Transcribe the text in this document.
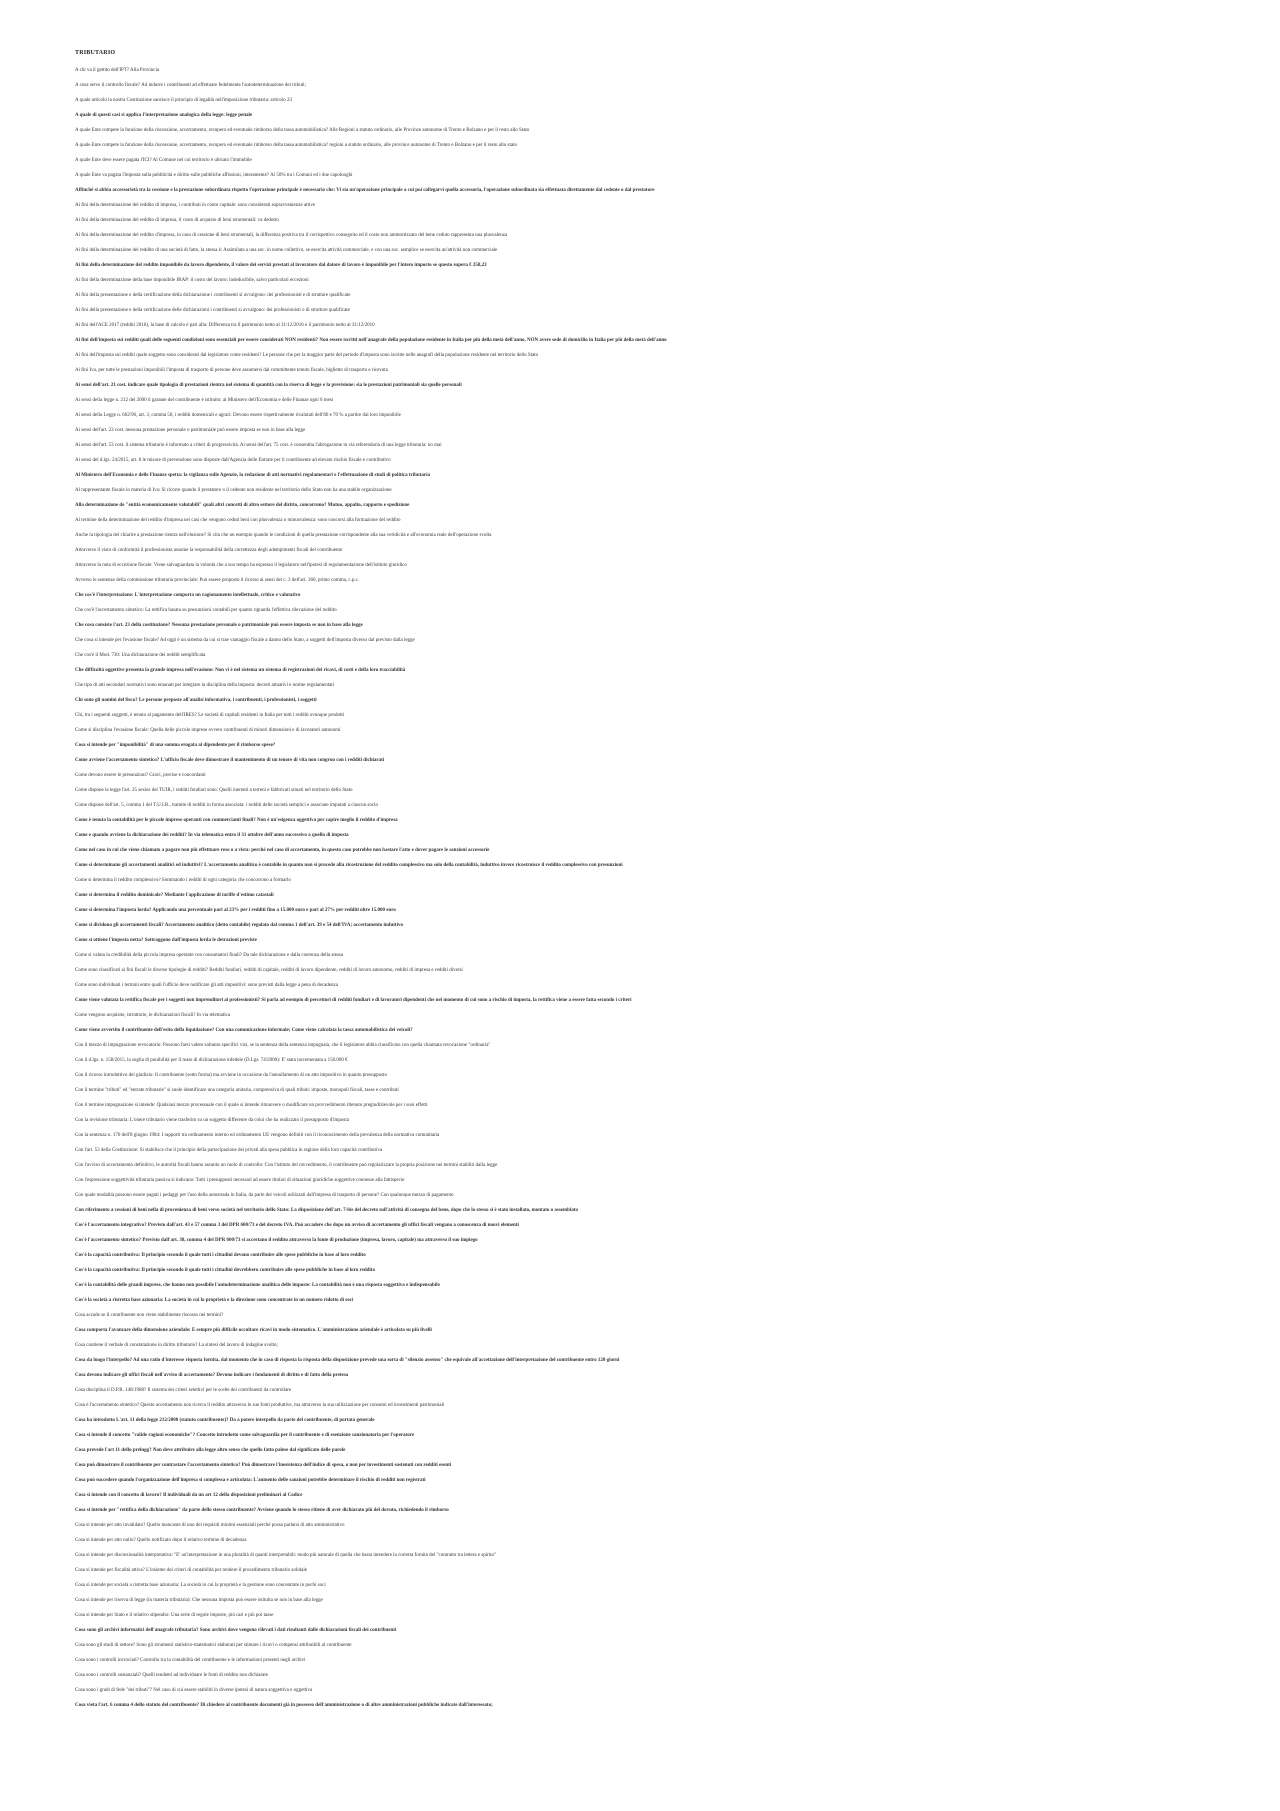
TRIBUTARIO
A chi va il gettito dell'IPT? Alla Provincia
A cosa serve il controllo fiscale? Ad indurre i contribuenti ad effettuare fedelmente l'autodeterminazione dei tributi;
A quale articolo la nostra Costituzione sancisce il principio di legalità nell'imposizione tributaria: articolo 23
A quale di questi casi si applica l'interpretazione analogica della legge: legge penale
A quale Ente compete la funzione della riscossione, accertamento, recupero ed eventuale rimborso della tassa automobilistica? Alle Regioni a statuto ordinario, alle Province autonome di Trento e Bolzano e per il resto allo Stato
A quale Ente compete la funzione della riscossione, accertamento, recupero ed eventuale rimborso della tassa automobilistica? regioni a statuto ordinario, alle province autonome di Trento e Bolzano e per il resto allo stato
A quale Ente deve essere pagata l'ICI? Al Comune nel cui territorio è ubicato l'immobile
A quale Ente va pagata l'imposta sulla pubblicità e diritto sulle pubbliche affissioni, interamente? Al 50% tra i Comuni ed i due capoluoghi
Affinché si abbia accessorietà tra la cessione e la prestazione subordinata rispetto l'operazione principale è necessario che: Vi sia un'operazione principale a cui poi collegarvi quella accessoria, l'operazione subordinata sia effettuata direttamente dal cedente o dal prestatore
Ai fini della determinazione del reddito di impresa, i contributi in conto capitale: sono considerati sopravvenienze attive
Ai fini della determinazione del reddito di impresa, il costo di acquisto di beni strumentali: va dedotto
Ai fini della determinazione del reddito d'impresa, in caso di cessione di beni strumentali, la differenza positiva tra il corrispettivo conseguito ed il costo non ammortizzato del bene ceduto rappresenta una plusvalenza
Ai fini della determinazione del reddito di una società di fatto, la stessa è: Assimilata a una soc. in nome collettivo, se esercita attività commerciale, e con una soc. semplice se esercita un'attività non commerciale
Ai fini della determinazione del reddito imponibile da lavoro dipendente, il valore dei servizi prestati al lavoratore dal datore di lavoro è imponibile per l'intero importo se questo supera € 258,23
Ai fini della determinazione della base imponibile IRAP: il costo del lavoro: indeducibile, salvo particolari eccezioni
Ai fini della presentazione e della certificazione della dichiarazione i contribuenti si avvalgono: dei professionisti e di strutture qualificate
Ai fini della presentazione e della certificazione delle dichiarazioni i contribuenti si avvalgono: dei professionisti o di strutture qualificate
Ai fini dell'ACE 2017 (redditi 2016), la base di calcolo è pari alla: Differenza tra il patrimonio netto al 31/12/2016 e il patrimonio netto al 31/12/2010
Ai fini dell'imposta sui redditi quali delle seguenti condizioni sono essenziali per essere considerati NON residenti? Non essere iscritti nell'anagrafe della popolazione residente in Italia per più della metà dell'anno, NON avere sede di domicilio in Italia per più della metà dell'anno
Ai fini dell'imposta sui redditi quale soggetto sono considerati dal legislatore come residenti? Le persone che per la maggior parte del periodo d'imposta sono iscritte nelle anagrafi della popolazione residente nel territorio dello Stato
Ai fini Iva, per tutte le prestazioni imponibili l'imposta di trasporto di persone deve assumersi dal committente tenuto fiscale, biglietto di trasporto e ricevuta
Ai sensi dell'art. 21 cost. indicare quale tipologia di prestazioni rientra nel sistema di quantità con la riserva di legge e la previsione: sia le prestazioni patrimoniali sia quelle personali
Ai sensi della legge n. 212 del 2000 il garante del contribuente è istituito: al Ministero dell'Economia e delle Finanze ogni 6 mesi
Ai sensi della Legge n. 662/96, art. 3, comma 50, i redditi domenicali e agrari: Devono essere rispettivamente rivalutati dell'80 e 70 % a partire dal loro imponibile
Ai sensi dell'art. 23 cost. nessuna prestazione personale o patrimoniale può essere imposta se non in base alla legge
Ai sensi dell'art. 53 cost. il sistema tributario è informato a criteri di progressività. Ai sensi dell'art. 75 cost. è consentita l'abrogazione in via referendaria di una legge tributaria: no mai
Ai sensi del d.lgs. 24/2015, art. 8 le misure di prevenzione sono disposte dall'Agenzia delle Entrate per il contribuente ad elevato rischio fiscale e contributivo
Al Ministero dell'Economia e delle Finanze spetta: la vigilanza sulle Agenzie, la redazione di atti normativi regolamentari e l'effettuazione di studi di politica tributaria
Al rappresentante fiscale in materia di Iva: Si ricorre quando il prestatore o il cedente non residente nel territorio dello Stato non ha una stabile organizzazione
Alla determinazione de "entità economicamente valutabili" quali altri concetti di altro settore del diritto, concorrono? Mutuo, appalto, rapporto e spedizione
Al termine della determinazione del reddito d'impresa nei casi che vengono ceduti beni con plusvalenza o minusvalenza: sono concorsi alla formazione del reddito
Anche la tipologia del chiarire a prestazione rientra nell'elusione? Si cita che un esempio quando le condizioni di quella prestazione corrispondente alla sua veridicità e all'economia reale dell'operazione svolta
Attraverso il visto di conformità il professionista assume la responsabilità della correttezza degli adempimenti fiscali del contribuente
Attraverso la nota di eccezione fiscale: Viene salvaguardata la volontà che a suo tempo ha espresso il legislatore nell'ipotesi di regolamentazione dell'istituto giuridico
Avverso le sentenze della commissione tributaria provinciale: Può essere proposto il ricorso ai sensi del c. 3 dell'art. 360, primo comma, c.p.c.
Che cos'è l'interpretazione: L'interpretazione comporta un ragionamento intellettuale, critico e valutativo
Che cos'è l'accertamento sintetico: La rettifica basata su presunzioni contabili per quanto riguarda l'effettiva rilevazione del reddito
Che cosa consiste l'art. 23 della costituzione? Nessuna prestazione personale o patrimoniale può essere imposta se non in base alla legge
Che cosa si intende per l'evasione fiscale? Ad oggi è un sistema da cui si trae vantaggio fiscale a danno dello Stato, a soggetti dell'imposta diverso dal previsto dalla legge
Che cos'è il Mod. 730: Una dichiarazione dei redditi semplificata
Che difficoltà oggettive presenta la grande impresa nell'evasione: Non vi è nel sistema un sistema di registrazioni dei ricavi, di costi e della loro tracciabilità
Che tipo di atti secondari normativi sono emanati per integrare la disciplina della imposta: decreti attuativi e norme regolamentari
Chi sono gli uomini del fisco? Le persone preposte all'analisi informativa, i contribuenti, i professionisti, i soggetti
Chi, tra i seguenti soggetti, è tenuto al pagamento dell'IRES? Le società di capitali residenti in Italia per tutti i redditi ovunque prodotti
Come si disciplina l'evasione fiscale: Quella delle piccole imprese ovvero contribuenti di minori dimensioni e di lavoratori autonomi
Cosa si intende per "imponibilità" di una somma erogata al dipendente per il rimborso spese?
Come avviene l'accertamento sintetico? L'ufficio fiscale deve dimostrare il mantenimento di un tenore di vita non congruo con i redditi dichiarati
Come devono essere le presunzioni? Gravi, precise e concordanti
Come dispone la legge l'art. 25 sexies del TUIR, i redditi fondiari sono: Quelli inerenti a terreni e fabbricati situati nel territorio dello Stato
Come dispone dell'art. 5, comma 1 del T.U.I.R., tramite di redditi in forma associata: i redditi delle società semplici e associate imputati a ciascun socio
Come è tenuta la contabilità per le piccole imprese operanti con commercianti finali? Non è un'esigenza oggettiva per capire meglio il reddito d'impresa
Come e quando avviene la dichiarazione dei redditi? In via telematica entro il 31 ottobre dell'anno successivo a quello di imposta
Come nel caso in cui che viene chiamato a pagare non più effettuare reso o a vista: perché nel caso di accertamento, in questo caso potrebbe non bastare l'atto e dover pagare le sanzioni accessorie
Come si determinano gli accertamenti analitici ed induttivi? L'accertamento analitico è contabile in quanto non si procede alla ricostruzione del reddito complessivo ma solo della contabilità, induttivo invece ricostruisce il reddito complessivo con presunzioni
Come si determina il reddito complessivo? Sommando i redditi di ogni categoria che concorrono a formarlo
Come si determina il reddito dominicale? Mediante l'applicazione di tariffe d'estimo catastali
Come si determina l'imposta lorda? Applicando una percentuale pari al 23% per i redditi fino a 15.000 euro e pari al 27% per redditi oltre 15.000 euro
Come si dividono gli accertamenti fiscali? Accertamento analitico (detto contabile) regolato dal comma 1 dell'art. 39 e 54 dell'IVA; accertamento induttivo
Come si ottiene l'imposta netta? Sottraggono dall'imposta lorda le detrazioni previste
Come si valuta la credibilità della piccola impresa operante con consumatori finali? Da tale dichiarazione e dalla coerenza della stessa
Come sono classificati ai fini fiscali le diverse tipologie di redditi? Redditi fondiari, redditi di capitale, redditi di lavoro dipendente, redditi di lavoro autonomo, redditi di impresa e redditi diversi
Come sono individuati i termini entro quali l'ufficio deve notificare gli atti impositivi: sono previsti dalla legge a pena di decadenza
Come viene valutata la rettifica fiscale per i soggetti non imprenditori ai professionisti? Si parla ad esempio di percettori di redditi fondiari e di lavoratori dipendenti che nel momento di cui sono a rischio di imposta, la rettifica viene a essere fatta secondo i criteri
Come vengono acquisite, istruttorie, le dichiarazioni fiscali? In via telematica
Come viene avvertito il contribuente dell'esito della liquidazione? Con una comunicazione informale; Come viene calcolata la tassa automobilistica dei veicoli?
Con il mezzo di impugnazione revocatorio: Possono farsi valere soltanto specifici vizi, se la sentenza della sentenza impugnata, che il legislatore abbia classificato con quella chiamata revocazione "ordinaria"
Con il d.lgs. n. 158/2015, la soglia di punibilità per il reato di dichiarazione infedele (D.Lgs. 74/2000): E' stata incrementata a 150.000 €
Con il ricorso introduttivo del giudizio: Il contribuente (sotto forma) ma avviene in occasione da l'annullamento di un atto impositivo in quanto presupposto
Con il termine "tributi" ed "entrate tributarie" si suole identificare una categoria unitaria, comprensiva di quali tributi: imposte, monopoli fiscali, tasse e contributi
Con il termine impugnazione si intende: Qualsiasi mezzo processuale con il quale si intende rimuovere o modificare un provvedimento ritenuto pregiudizievole per i suoi effetti
Con la revisione tributaria: L'onere tributario viene trasferito su un soggetto differente da colui che ha realizzato il presupposto d'imposta
Con la sentenza n. 170 dell'8 giugno 1984: I rapporti tra ordinamento interno ed ordinamento UE vengono definiti con il riconoscimento della prevalenza della normativa comunitaria
Con l'art. 53 della Costituzione: Si stabilisce che il principio della partecipazione dei privati alla spesa pubblica in ragione della loro capacità contributiva
Con l'avviso di accertamento definitivo, le autorità fiscali hanno assunto un ruolo di controllo: Con l'istituto del ravvedimento, il contribuente può regolarizzare la propria posizione nei termini stabiliti dalla legge
Con l'espressione soggettività tributaria passiva si indicano: Tutti i presupposti necessari ad essere titolari di situazioni giuridiche soggettive connesse alla fattispecie
Con quale modalità possono essere pagati i pedaggi per l'uso della autostrada in Italia, da parte dei veicoli utilizzati dall'impresa di trasporto di persone? Con qualunque mezzo di pagamento
Con riferimento a cessioni di beni nella di provenienza di beni verso società nel territorio dello Stato: La disposizione dell'art. 7-bis del decreto sull'attività di consegna del bene, dopo che lo stesso si è stato installato, montato o assemblato
Cos'è l'accertamento integrativo? Previsto dall'art. 43 e 57 comma 3 del DPR 600/73 e del decreto IVA. Può accadere che dopo un avviso di accertamento gli uffici fiscali vengano a conoscenza di nuovi elementi
Cos'è l'accertamento sintetico? Previsto dall'art. 38, comma 4 del DPR 600/73 si accertano il reddito attraverso la fonte di produzione (impresa, lavoro, capitale) ma attraverso il suo impiego
Cos'è la capacità contributiva: Il principio secondo il quale tutti i cittadini devono contribuire alle spese pubbliche in base al loro reddito
Cos'è la capacità contributiva: Il principio secondo il quale tutti i cittadini dovrebbero contribuire alle spese pubbliche in base al loro reddito
Cos'è la contabilità delle grandi imprese, che hanno non possibile l'autodeterminazione analitica delle imposte: La contabilità non è una risposta soggettiva e indispensabile
Cos'è la società a ristretta base azionaria: La società in cui la proprietà e la direzione sono concentrate in un numero ridotto di soci
Cosa accade se il contribuente non viene stabilmente riscosso nei termini?
Cosa comporta l'avanzare della dimensione aziendale: È sempre più difficile occultare ricavi in modo sistematico. L'amministrazione aziendale è articolata su più livelli
Cosa contiene il verbale di constatazione in diritto tributario? La sintesi del lavoro di indagine svolto;
Cosa da luogo l'interpello? Ad una ratio d'interesse risposta fornita, dal momento che in caso di risposta la risposta della disposizione prevede una sorta di "silenzio assenso" che equivale all'accettazione dell'interpretazione del contribuente entro 120 giorni
Cosa devono indicare gli uffici fiscali nell'avviso di accertamento? Devono indicare i fondamenti di diritto e di fatto della pretesa
Cosa disciplina il D.P.R. 148/1988? Il sistema dei criteri selettivi per le scelte dei contribuenti da controllare
Cosa è l'accertamento sintetico? Questo accertamento non ricerca il reddito attraverso le sue fonti produttive, ma attraverso la sua utilizzazione per consumi ed investimenti patrimoniali
Cosa ha introdotto L'art. 11 della legge 212/2000 (statuto contribuente)? Da a potere interpello da parte del contribuente, di portata generale
Cosa si intende il concetto "valide ragioni economiche"? Concetto introdotto come salvaguardia per il contribuente e di esenzione sanzionatoria per l'operatore
Cosa prevede l'art 11 dello prelugg? Non deve attribuire alla legge altro senso che quello fatto palese dal significato delle parole
Cosa può dimostrare il contribuente per contrastare l'accertamento sintetico? Può dimostrare l'inesistenza dell'indice di spesa, o non per investimenti sostenuti con redditi esenti
Cosa può succedere quando l'organizzazione dell'impresa si complessa e articolata: L'aumento delle sanzioni potrebbe determinare il rischio di redditi non registrati
Cosa si intende con il concetto di lavoro? Il individuali da un art 12 della disposizioni preliminari al Codice
Cosa si intende per "rettifica della dichiarazione" da parte dello stesso contribuente? Avviene quando lo stesso ritiene di aver dichiarato più del dovuto, richiedendo il rimborso
Cosa si intende per atto invalidato? Quello mancante di uno dei requisiti minimi essenziali perché possa parlarsi di atto amministrativo
Cosa si intende per atto nullo? Quello notificato dopo il relativo termine di decadenza
Cosa si intende per discrezionalità interpretativa: "E' un'interpretazione in una pluralità di quanti interpretabili: modo più naturale di quella che basta intendere la corretta fornita del "contratto tra lettera e spirito"
Cosa si intende per fiscalità attiva? L'insieme dei criteri di contabilità per rendere il procedimento tributario solidale
Cosa si intende per società a ristretta base azionaria: La società in cui la proprietà e la gestione sono concentrate in pochi soci
Cosa si intende per riserva di legge (in materia tributaria): Che nessuna imposta può essere istituita se non in base alla legge
Cosa si intende per Stato e il relativo stipendio: Una serie di regole imposte, più cari e più poi tasse
Cosa sono gli archivi informatici dell'anagrafe tributaria? Sono archivi dove vengono rilevati i dati risultanti dalle dichiarazioni fiscali dei contribuenti
Cosa sono gli studi di settore? Sono gli strumenti statistico-matematici elaborati per stimare i ricavi o compensi attribuibili al contribuente
Cosa sono i controlli incrociati? Controllo tra la contabilità del contribuente e le informazioni presenti negli archivi
Cosa sono i controlli sostanziali? Quelli tendenti ad individuare le fonti di reddito non dichiarate
Cosa sono i gradi di fede "dei tributi"? Nel caso di cui essere stabiliti in diverse ipotesi di natura soggettiva e oggettiva
Cosa vieta l'art. 6 comma 4 dello statuto del contribuente? Di chiedere al contribuente documenti già in possesso dell'amministrazione o di altre amministrazioni pubbliche indicate dall'interessato;
